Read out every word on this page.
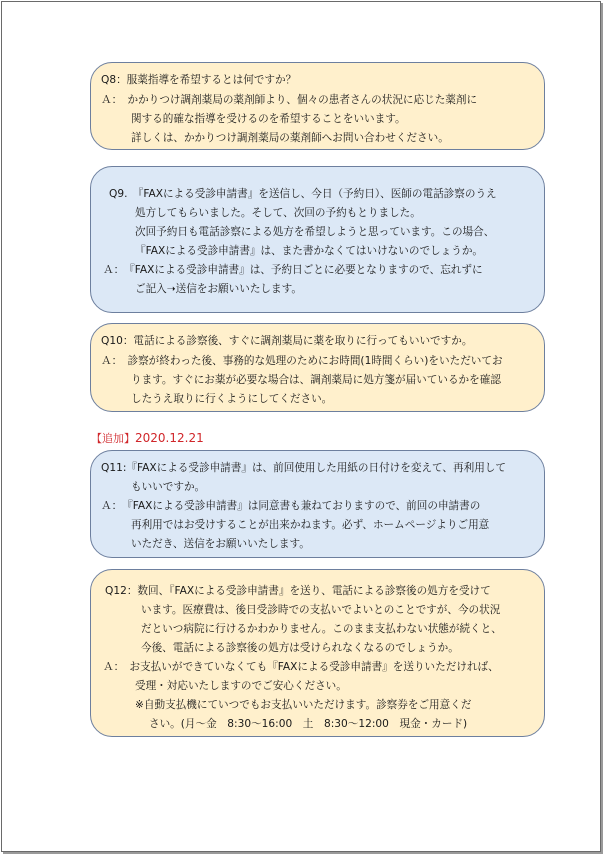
Q8：服薬指導を希望するとは何ですか？
Ａ：　かかりつけ調剤薬局の薬剤師より、個々の患者さんの状況に応じた薬剤に
関する的確な指導を受けるのを希望することをいいます。
詳しくは、かかりつけ調剤薬局の薬剤師へお問い合わせください。
Q9.　『FAXによる受診申請書』を送信し、今日（予約日）、医師の電話診察のうえ
処方してもらいました。そして、次回の予約もとりました。
次回予約日も電話診察による処方を希望しようと思っています。この場合、
『FAXによる受診申請書』は、また書かなくてはいけないのでしょうか。
Ａ：　『FAXによる受診申請書』は、予約日ごとに必要となりますので、忘れずに
ご記入➝送信をお願いいたします。
Q10：電話による診察後、すぐに調剤薬局に薬を取りに行ってもいいですか。
Ａ：　診察が終わった後、事務的な処理のためにお時間(1時間くらい)をいただいてお
ります。すぐにお薬が必要な場合は、調剤薬局に処方箋が届いているかを確認
したうえ取りに行くようにしてください。
【追加】2020.12.21
Q11:『FAXによる受診申請書』は、前回使用した用紙の日付けを変えて、再利用して
もいいですか。
Ａ：　『FAXによる受診申請書』は同意書も兼ねておりますので、前回の申請書の
再利用ではお受けすることが出来かねます。必ず、ホームページよりご用意
いただき、送信をお願いいたします。
Q12：数回、『FAXによる受診申請書』を送り、電話による診察後の処方を受けて
います。医療費は、後日受診時での支払いでよいとのことですが、今の状況
だといつ病院に行けるかわかりません。このまま支払わない状態が続くと、
今後、電話による診察後の処方は受けられなくなるのでしょうか。
Ａ：　お支払いができていなくても『FAXによる受診申請書』を送りいただければ、
受理・対応いたしますのでご安心ください。
※自動支払機にていつでもお支払いいただけます。診察券をご用意くだ
さい。(月～金　8:30～16:00　土　8:30～12:00　現金・カード)
